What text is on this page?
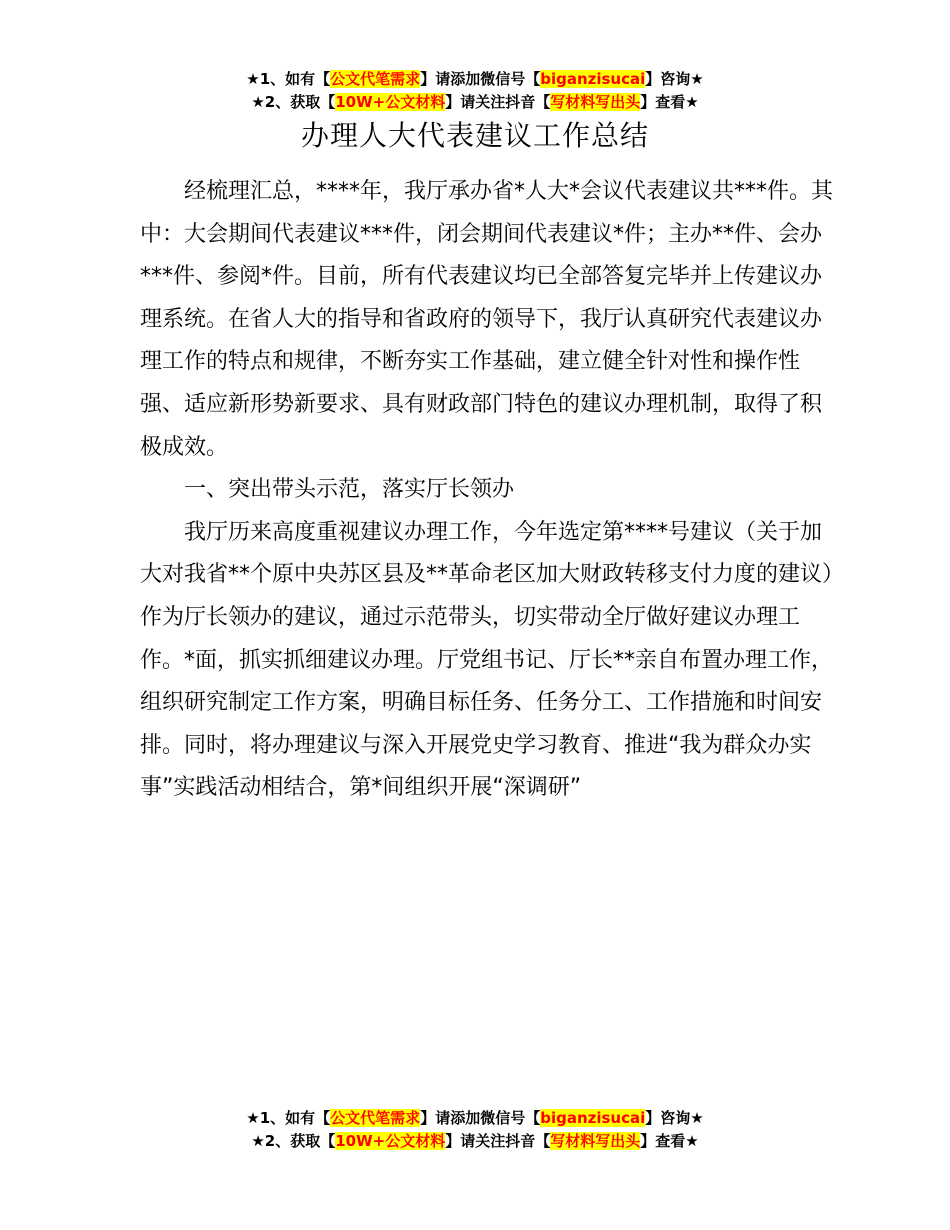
★1、如有【公文代笔需求】请添加微信号【biganzisucai】咨询★
★2、获取【10W+公文材料】请关注抖音【写材料写出头】查看★
办理人大代表建议工作总结

经梳理汇总，****年，我厅承办省*人大*会议代表建议共***件。其中：大会期间代表建议***件，闭会期间代表建议*件；主办**件、会办***件、参阅*件。目前，所有代表建议均已全部答复完毕并上传建议办理系统。在省人大的指导和省政府的领导下，我厅认真研究代表建议办理工作的特点和规律，不断夯实工作基础，建立健全针对性和操作性强、适应新形势新要求、具有财政部门特色的建议办理机制，取得了积极成效。

一、突出带头示范，落实厅长领办

我厅历来高度重视建议办理工作，今年选定第****号建议（关于加大对我省**个原中央苏区县及**革命老区加大财政转移支付力度的建议）作为厅长领办的建议，通过示范带头，切实带动全厅做好建议办理工作。*面，抓实抓细建议办理。厅党组书记、厅长**亲自布置办理工作，组织研究制定工作方案，明确目标任务、任务分工、工作措施和时间安排。同时，将办理建议与深入开展党史学习教育、推进“我为群众办实事”实践活动相结合，第*间组织开展“深调研”

★1、如有【公文代笔需求】请添加微信号【biganzisucai】咨询★
★2、获取【10W+公文材料】请关注抖音【写材料写出头】查看★
